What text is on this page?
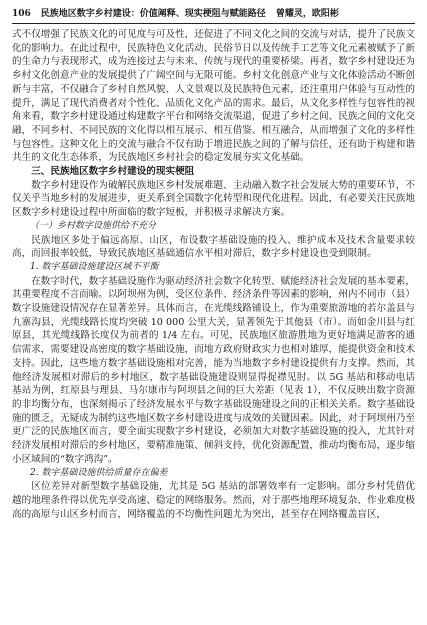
106 民族地区数字乡村建设：价值阐释、现实梗阻与赋能路径 曾耀灵，欧阳彬

式不仅增强了民族文化的可见度与可及性，还促进了不同文化之间的交流与对话，提升了民族文化的影响力。在此过程中，民族特色文化活动、民俗节日以及传统手工艺等文化元素被赋予了新的生命力与表现形式，成为连接过去与未来、传统与现代的重要桥梁。再者，数字乡村建设还为乡村文化创意产业的发展提供了广阔空间与无限可能。乡村文化创意产业与文化体验活动不断创新与丰富，不仅融合了乡村自然风貌、人文景观以及民族特色元素，还注重用户体验与互动性的提升，满足了现代消费者对个性化、品质化文化产品的需求。最后，从文化多样性与包容性的视角来看，数字乡村建设通过构建数字平台和网络交流渠道，促进了乡村之间、民族之间的文化交融，不同乡村、不同民族的文化得以相互展示、相互借鉴、相互融合，从而增强了文化的多样性与包容性。这种文化上的交流与融合不仅有助于增进民族之间的了解与信任，还有助于构建和谐共生的文化生态体系，为民族地区乡村社会的稳定发展夯实文化基础。

三、民族地区数字乡村建设的现实梗阻

数字乡村建设作为破解民族地区乡村发展难题、主动融入数字社会发展大势的重要环节，不仅关乎当地乡村的发展进步，更关系到全国数字化转型和现代化进程。因此，有必要关注民族地区数字乡村建设过程中所面临的数字短板，并积极寻求解决方案。

（一）乡村数字设施供给不充分

民族地区多处于偏远高原、山区，布设数字基础设施的投入、维护成本及技术含量要求较高，而回报率较低，导致民族地区基础通信水平相对滞后，数字乡村建设也受到限制。

1. 数字基础设施建设区域不平衡

在数字时代，数字基础设施作为驱动经济社会数字化转型、赋能经济社会发展的基本要素，其重要程度不言而喻。以阿坝州为例，受区位条件、经济条件等因素的影响，州内不同市（县）数字设施建设情况存在显著差异。具体而言，在光缆线路铺设上，作为重要旅游地的若尔盖县与九寨沟县，光缆线路长度均突破 10 000 公里大关，显著领先于其他县（市）。而如金川县与红原县，其光缆线路长度仅为前者的 1/4 左右。可见，民族地区旅游胜地为更好地满足游客的通信需求，需要建设高密度的数字基础设施，而地方政府财政实力也相对雄厚，能提供资金和技术支持。因此，这些地方数字基础设施相对完善，能为当地数字乡村建设提供有力支撑。然而，其他经济发展相对滞后的乡村地区，数字基础设施建设则显得捉襟见肘。以 5G 基站和移动电话基站为例，红原县与理县、马尔康市与阿坝县之间的巨大差距（见表 1），不仅反映出数字资源的非均衡分布，也深刻揭示了经济发展水平与数字基础设施建设之间的正相关关系。数字基础设施的匮乏，无疑成为制约这些地区数字乡村建设进度与成效的关键因素。因此，对于阿坝州乃至更广泛的民族地区而言，要全面实现数字乡村建设，必须加大对数字基础设施的投入，尤其针对经济发展相对滞后的乡村地区，要精准施策、倾斜支持，优化资源配置，推动均衡布局，逐步缩小区域间的“数字鸿沟”。

2. 数字基础设施供给质量存在偏差

区位差异对新型数字基础设施，尤其是 5G 基站的部署效率有一定影响。部分乡村凭借优越的地理条件得以优先享受高速、稳定的网络服务。然而，对于那些地理环境复杂、作业难度极高的高原与山区乡村而言，网络覆盖的不均衡性问题尤为突出，甚至存在网络覆盖盲区，
